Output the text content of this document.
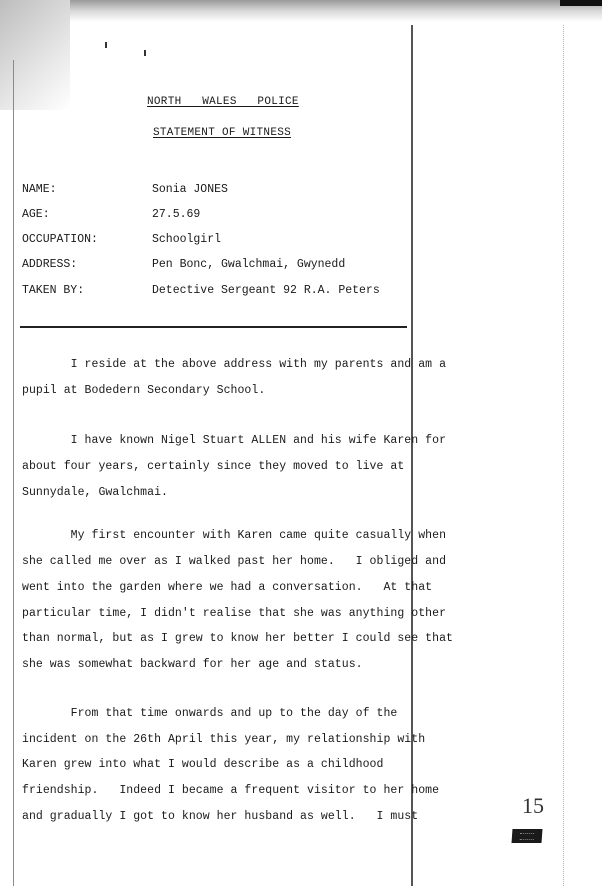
NORTH   WALES   POLICE
STATEMENT OF WITNESS
NAME:	Sonia JONES
AGE:	27.5.69
OCCUPATION:	Schoolgirl
ADDRESS:	Pen Bonc, Gwalchmai, Gwynedd
TAKEN BY:	Detective Sergeant 92 R.A. Peters
I reside at the above address with my parents and am a
pupil at Bodedern Secondary School.
I have known Nigel Stuart ALLEN and his wife Karen for
about four years, certainly since they moved to live at
Sunnydale, Gwalchmai.
My first encounter with Karen came quite casually when
she called me over as I walked past her home.   I obliged and
went into the garden where we had a conversation.   At that
particular time, I didn't realise that she was anything other
than normal, but as I grew to know her better I could see that
she was somewhat backward for her age and status.
From that time onwards and up to the day of the
incident on the 26th April this year, my relationship with
Karen grew into what I would describe as a childhood
friendship.   Indeed I became a frequent visitor to her home
and gradually I got to know her husband as well.   I must	15
